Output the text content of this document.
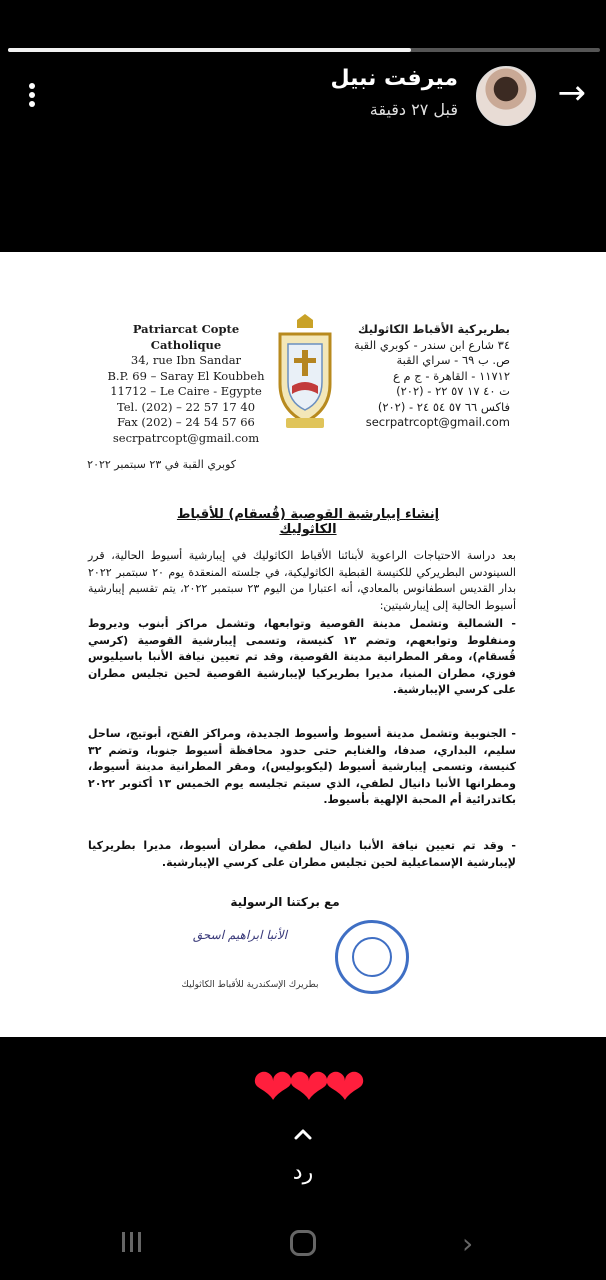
→
ميرفت نبيل
قبل ٢٧ دقيقة
Patriarcat Copte Catholique
34, rue Ibn Sandar
B.P. 69 – Saray El Koubbeh
11712 – Le Caire - Egypte
Tel. (202) – 22 57 17 40
Fax (202) – 24 54 57 66
secrpatrcopt@gmail.com
بطريركية الأقباط الكاثوليك
٣٤ شارع ابن سندر - كوبري القبة
ص. ب ٦٩ - سراي القبة
١١٧١٢ - القاهرة - ج م ع
ت ٤٠ ١٧ ٥٧ ٢٢ - (٢٠٢)
فاكس ٦٦ ٥٧ ٥٤ ٢٤ - (٢٠٢)
secrpatrcopt@gmail.com
كوبري القبة في ٢٣ سبتمبر ٢٠٢٢
إنشاء إيبارشية القوصية (قُسقام) للأقباط الكاثوليك
بعد دراسة الاحتياجات الراعوية لأبنائنا الأقباط الكاثوليك في إيبارشية أسيوط الحالية، قرر السينودس البطريركي للكنيسة القبطية الكاثوليكية، في جلسته المنعقدة يوم ٢٠ سبتمبر ٢٠٢٢ بدار القديس اسطفانوس بالمعادي، أنه اعتبارا من اليوم ٢٣ سبتمبر ٢٠٢٢، يتم تقسيم إيبارشية أسيوط الحالية إلى إيبارشيتين:
- الشمالية وتشمل مدينة القوصية وتوابعها، وتشمل مراكز أبنوب وديروط ومنفلوط وتوابعهم، وتضم ١٣ كنيسة، وتسمى إيبارشية القوصية (كرسي قُسقام)، ومقر المطرانية مدينة القوصية، وقد تم تعيين نيافة الأنبا باسيليوس فوزي، مطران المنيا، مديرا بطريركيا لإيبارشية القوصية لحين تجليس مطران على كرسي الإيبارشية.
- الجنوبية وتشمل مدينة أسيوط وأسيوط الجديدة، ومراكز الفتح، أبوتيج، ساحل سليم، البداري، صدفا، والغنايم حتى حدود محافظة أسيوط جنوبا، وتضم ٣٢ كنيسة، وتسمى إيبارشية أسيوط (ليكوبوليس)، ومقر المطرانية مدينة أسيوط، ومطرانها الأنبا دانيال لطفي، الذي سيتم تجليسه يوم الخميس ١٣ أكتوبر ٢٠٢٢ بكاتدرائية أم المحبة الإلهية بأسيوط.
- وقد تم تعيين نيافة الأنبا دانيال لطفي، مطران أسيوط، مديرا بطريركيا لإيبارشية الإسماعيلية لحين تجليس مطران على كرسي الإيبارشية.
مع بركتنا الرسولية
الأنبا ابراهيم اسحق
بطريرك الإسكندرية للأقباط الكاثوليك
❤❤❤
رد
›
